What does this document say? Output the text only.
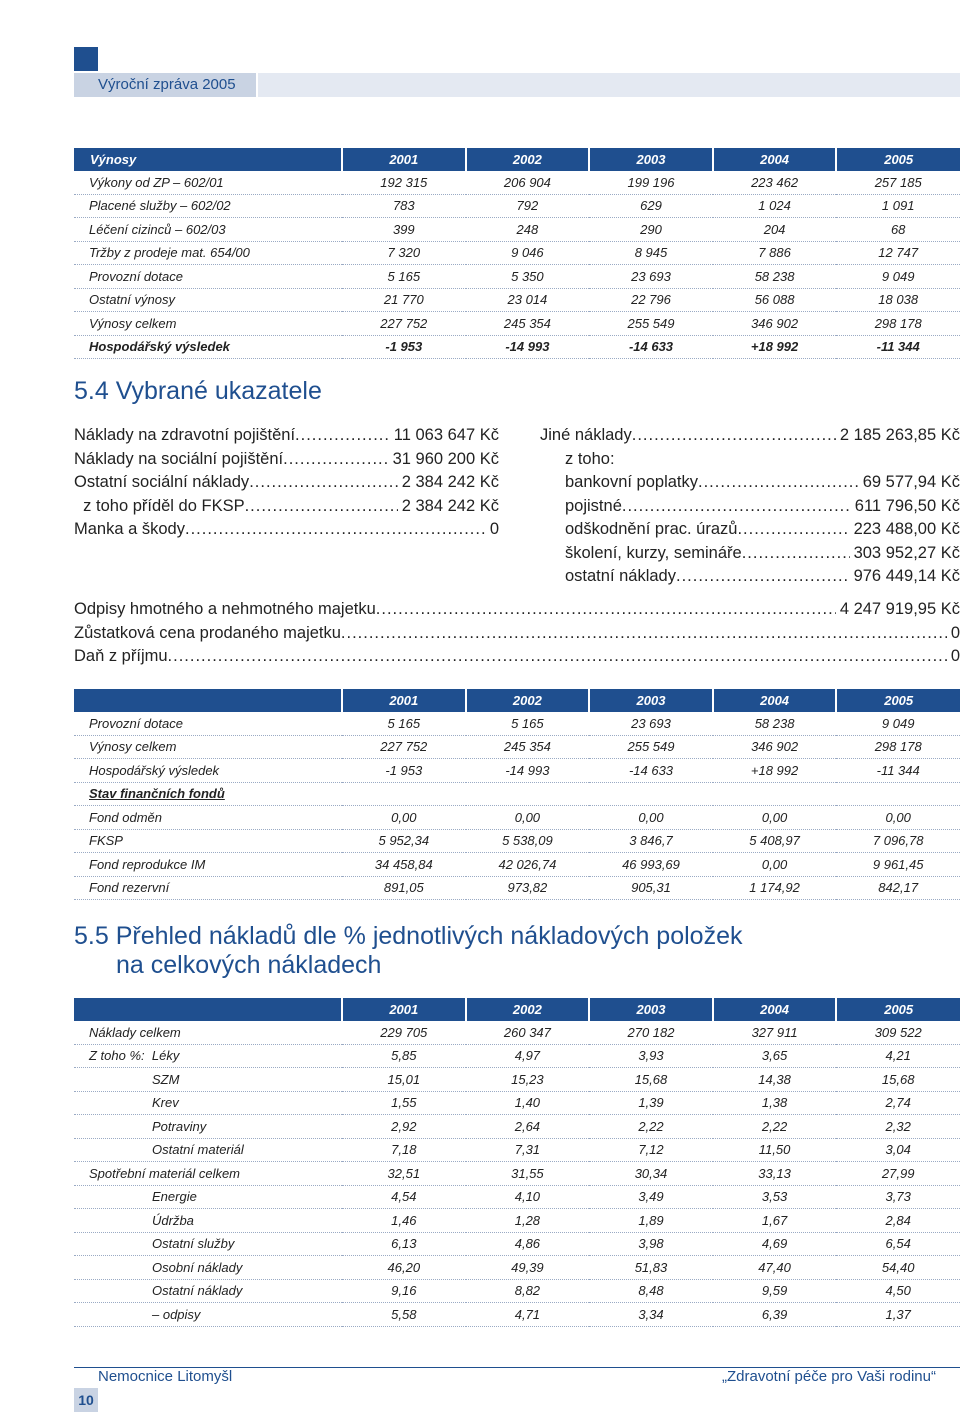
Výroční zpráva 2005
Výnosy	2001	2002	2003	2004	2005
Výkony od ZP – 602/01	192 315	206 904	199 196	223 462	257 185
Placené služby – 602/02	783	792	629	1 024	1 091
Léčení cizinců – 602/03	399	248	290	204	68
Tržby z prodeje mat. 654/00	7 320	9 046	8 945	7 886	12 747
Provozní dotace	5 165	5 350	23 693	58 238	9 049
Ostatní výnosy	21 770	23 014	22 796	56 088	18 038
Výnosy celkem	227 752	245 354	255 549	346 902	298 178
Hospodářský výsledek	-1 953	-14 993	-14 633	+18 992	-11 344
5.4 Vybrané ukazatele
Náklady na zdravotní pojištění .....	11 063 647 Kč
Náklady na sociální pojištění .....	31 960 200 Kč
Ostatní sociální náklady .....	2 384 242 Kč
z toho příděl do FKSP .....	2 384 242 Kč
Manka a škody .....	0
Jiné náklady .....	2 185 263,85 Kč
z toho:
bankovní poplatky .....	69 577,94 Kč
pojistné .....	611 796,50 Kč
odškodnění prac. úrazů .....	223 488,00 Kč
školení, kurzy, semináře .....	303 952,27 Kč
ostatní náklady .....	976 449,14 Kč
Odpisy hmotného a nehmotného majetku .....	4 247 919,95 Kč
Zůstatková cena prodaného majetku .....	0
Daň z příjmu .....	0
	2001	2002	2003	2004	2005
Provozní dotace	5 165	5 165	23 693	58 238	9 049
Výnosy celkem	227 752	245 354	255 549	346 902	298 178
Hospodářský výsledek	-1 953	-14 993	-14 633	+18 992	-11 344
Stav finančních fondů					
Fond odměn	0,00	0,00	0,00	0,00	0,00
FKSP	5 952,34	5 538,09	3 846,7	5 408,97	7 096,78
Fond reprodukce IM	34 458,84	42 026,74	46 993,69	0,00	9 961,45
Fond rezervní	891,05	973,82	905,31	1 174,92	842,17
5.5 Přehled nákladů dle % jednotlivých nákladových položek
na celkových nákladech
	2001	2002	2003	2004	2005
Náklady celkem	229 705	260 347	270 182	327 911	309 522
Z toho %:  Léky	5,85	4,97	3,93	3,65	4,21
SZM	15,01	15,23	15,68	14,38	15,68
Krev	1,55	1,40	1,39	1,38	2,74
Potraviny	2,92	2,64	2,22	2,22	2,32
Ostatní materiál	7,18	7,31	7,12	11,50	3,04
Spotřební materiál celkem	32,51	31,55	30,34	33,13	27,99
Energie	4,54	4,10	3,49	3,53	3,73
Údržba	1,46	1,28	1,89	1,67	2,84
Ostatní služby	6,13	4,86	3,98	4,69	6,54
Osobní náklady	46,20	49,39	51,83	47,40	54,40
Ostatní náklady	9,16	8,82	8,48	9,59	4,50
– odpisy	5,58	4,71	3,34	6,39	1,37
Nemocnice Litomyšl	„Zdravotní péče pro Vaši rodinu“
10
